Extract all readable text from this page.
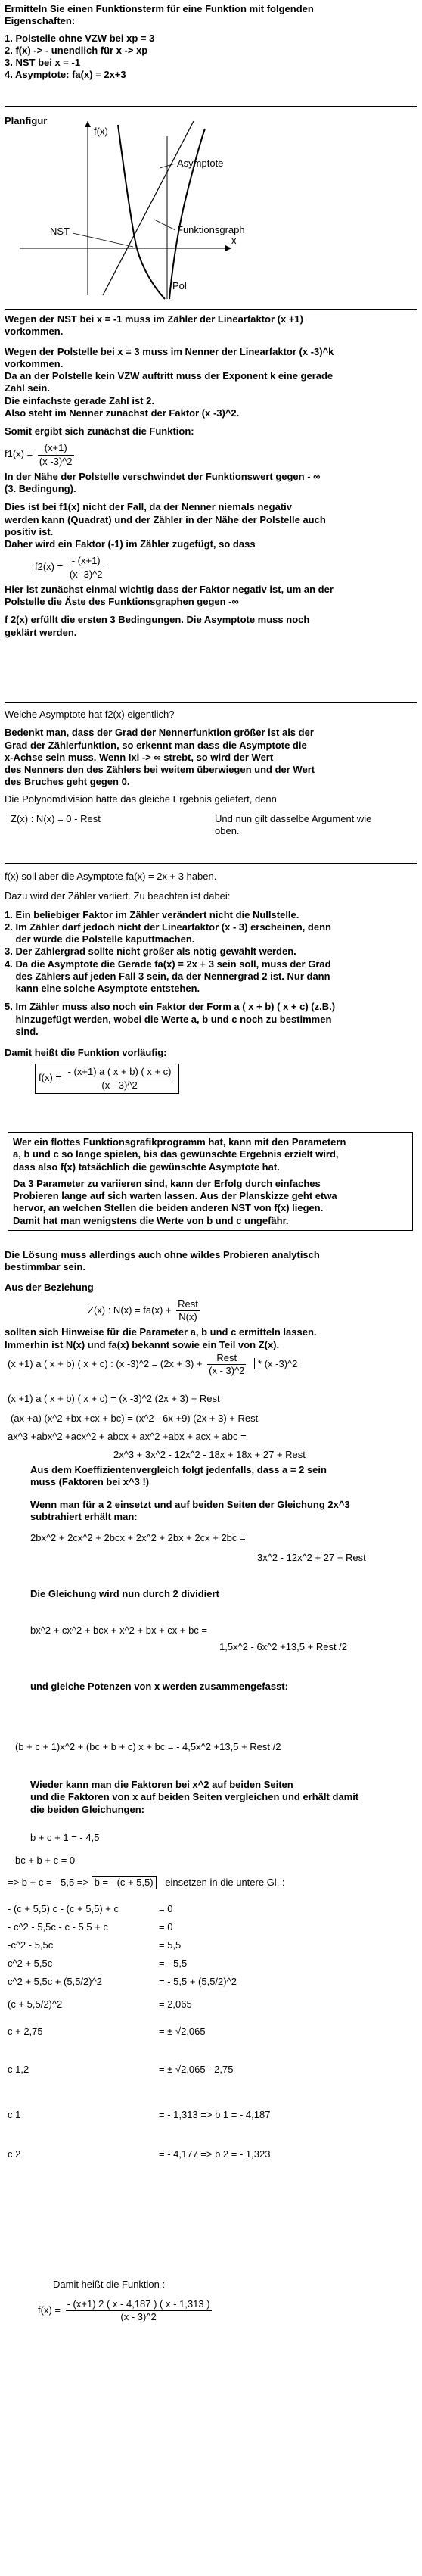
Ermitteln Sie einen Funktionsterm für eine Funktion mit folgenden
Eigenschaften:
1. Polstelle ohne VZW bei xp = 3
2. f(x) -> - unendlich für x -> xp
3. NST bei x = -1
4. Asymptote: fa(x) = 2x+3
Planfigur
f(x)
x
Asymptote
NST	Funktionsgraph
Pol
Wegen der NST bei x = -1 muss im Zähler der Linearfaktor (x +1)
vorkommen.
Wegen der Polstelle bei x = 3 muss im Nenner der Linearfaktor (x -3)^k
vorkommen.
Da an der Polstelle kein VZW auftritt muss der Exponent k eine gerade
Zahl sein.
Die einfachste gerade Zahl ist 2.
Also steht im Nenner zunächst der Faktor (x -3)^2.
Somit ergibt sich zunächst die Funktion:
$f1(x) = \frac{(x+1)}{(x -3)\^{}2}$
In der Nähe der Polstelle verschwindet der Funktionswert gegen - ∞
(3. Bedingung).
Dies ist bei f1(x) nicht der Fall, da der Nenner niemals negativ
werden kann (Quadrat) und der Zähler in der Nähe der Polstelle auch
positiv ist.
Daher wird ein Faktor (-1) im Zähler zugefügt, so dass
$f2(x) = \frac{- (x+1)}{(x -3)\^{}2}$
Hier ist zunächst einmal wichtig dass der Faktor negativ ist, um an der
Polstelle die Äste des Funktionsgraphen gegen -∞
f 2(x) erfüllt die ersten 3 Bedingungen. Die Asymptote muss noch
geklärt werden.
Welche Asymptote hat f2(x) eigentlich?
Bedenkt man, dass der Grad der Nennerfunktion größer ist als der
Grad der Zählerfunktion, so erkennt man dass die Asymptote die
x-Achse sein muss. Wenn Ixl -> ∞ strebt, so wird der Wert
des Nenners den des Zählers bei weitem überwiegen und der Wert
des Bruches geht gegen 0.
Die Polynomdivision hätte das gleiche Ergebnis geliefert, denn
Z(x) : N(x) = 0 - Rest	Und nun gilt dasselbe Argument wie
oben.
f(x) soll aber die Asymptote fa(x) = 2x + 3 haben.
Dazu wird der Zähler variiert. Zu beachten ist dabei:
1. Ein beliebiger Faktor im Zähler verändert nicht die Nullstelle.
2. Im Zähler darf jedoch nicht der Linearfaktor (x - 3) erscheinen, denn
der würde die Polstelle kaputtmachen.
3. Der Zählergrad sollte nicht größer als nötig gewählt werden.
4. Da die Asymptote die Gerade fa(x) = 2x + 3 sein soll, muss der Grad
des Zählers auf jeden Fall 3 sein, da der Nennergrad 2 ist. Nur dann
kann eine solche Asymptote entstehen.
5. Im Zähler muss also noch ein Faktor der Form a ( x + b) ( x + c) (z.B.)
hinzugefügt werden, wobei die Werte a, b und c noch zu bestimmen
sind.
Damit heißt die Funktion vorläufig:
$f(x) = \frac{- (x+1) a ( x + b) ( x + c)}{(x - 3)\^{}2}$
Wer ein flottes Funktionsgrafikprogramm hat, kann mit den Parametern
a, b und c so lange spielen, bis das gewünschte Ergebnis erzielt wird,
dass also f(x) tatsächlich die gewünschte Asymptote hat.
Da 3 Parameter zu variieren sind, kann der Erfolg durch einfaches
Probieren lange auf sich warten lassen. Aus der Planskizze geht etwa
hervor, an welchen Stellen die beiden anderen NST von f(x) liegen.
Damit hat man wenigstens die Werte von b und c ungefähr.
Die Lösung muss allerdings auch ohne wildes Probieren analytisch
bestimmbar sein.
Aus der Beziehung
Z(x) : $N(x) = fa(x) + \frac{\text{Rest}}{N(x)}$
sollten sich Hinweise für die Parameter a, b und c ermitteln lassen.
Immerhin ist N(x) und fa(x) bekannt sowie ein Teil von Z(x).
(x +1) a ( x + b) ( x + c) : (x -3)^2 = $(2x + 3) + \frac{\text{Rest}}{(x - 3)\^{}2} * (x$ -3)^2
(x +1) a ( x + b) ( x + c) = (x -3)^2 (2x + 3) + Rest
(ax +a) (x^2 +bx +cx + bc) = (x^2 - 6x +9) (2x + 3) + Rest
ax^3 +abx^2 +acx^2 + abcx + ax^2 +abx + acx + abc =
2x^3 + 3x^2 - 12x^2 - 18x + 18x + 27 + Rest
Aus dem Koeffizientenvergleich folgt jedenfalls, dass a = 2 sein
muss (Faktoren bei x^3 !)
Wenn man für a 2 einsetzt und auf beiden Seiten der Gleichung 2x^3
subtrahiert erhält man:
2bx^2 + 2cx^2 + 2bcx + 2x^2 + 2bx + 2cx + 2bc =
3x^2 - 12x^2 + 27 + Rest
Die Gleichung wird nun durch 2 dividiert
bx^2 + cx^2 + bcx + x^2 + bx + cx + bc =
1,5x^2 - 6x^2 +13,5 + Rest /2
und gleiche Potenzen von x werden zusammengefasst:
(b + c + 1)x^2 + (bc + b + c) x + bc = - 4,5x^2 +13,5 + Rest /2
Wieder kann man die Faktoren bei x^2 auf beiden Seiten
und die Faktoren von x auf beiden Seiten vergleichen und erhält damit
die beiden Gleichungen:
b + c + 1 = - 4,5
bc + b + c = 0
=> b + c = - 5,5 => b = - (c + 5,5) einsetzen in die untere Gl. :
- (c + 5,5) c - (c + 5,5) + c	= 0
- c^2 - 5,5c - c - 5,5 + c	= 0
-c^2 - 5,5c	= 5,5
c^2 + 5,5c	= - 5,5
c^2 + 5,5c + (5,5/2)^2	= - 5,5 + (5,5/2)^2
(c + 5,5/2)^2	= 2,065
c + 2,75	= ± √2,065
c 1,2	= ± √2,065 - 2,75
c 1	= - 1,313 => b 1 = - 4,187
c 2	= - 4,177 => b 2 = - 1,323
Damit heißt die Funktion :
$f(x) = \frac{- (x+1) 2 ( x - 4,187 ) ( x - 1,313 )}{(x - 3)\^{}2}$
